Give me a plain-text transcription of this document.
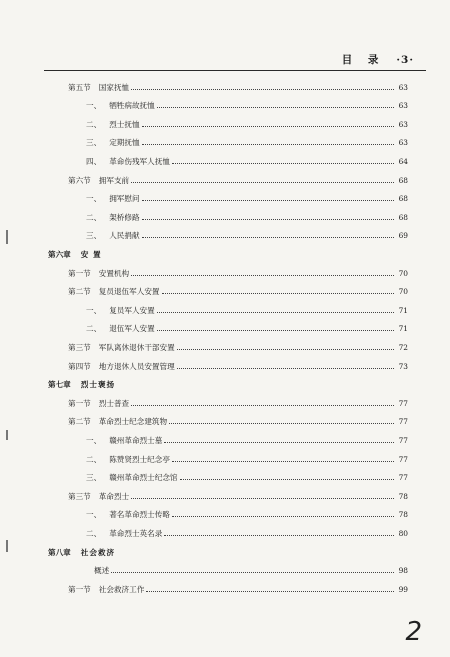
目 录 ·3·
第五节 国家抚恤	63
一、 牺牲病故抚恤	63
二、 烈士抚恤	63
三、 定期抚恤	63
四、 革命伤残军人抚恤	64
第六节 拥军支前	68
一、 拥军慰问	68
二、 架桥修路	68
三、 人民捐献	69
第六章 安 置
第一节 安置机构	70
第二节 复员退伍军人安置	70
一、 复员军人安置	71
二、 退伍军人安置	71
第三节 军队离休退休干部安置	72
第四节 地方退休人员安置管理	73
第七章 烈士褒扬
第一节 烈士普查	77
第二节 革命烈士纪念建筑物	77
一、 赣州革命烈士墓	77
二、 陈赞贤烈士纪念亭	77
三、 赣州革命烈士纪念馆	77
第三节 革命烈士	78
一、 著名革命烈士传略	78
二、 革命烈士英名录	80
第八章 社会救济
概述	98
第一节 社会救济工作	99
2
